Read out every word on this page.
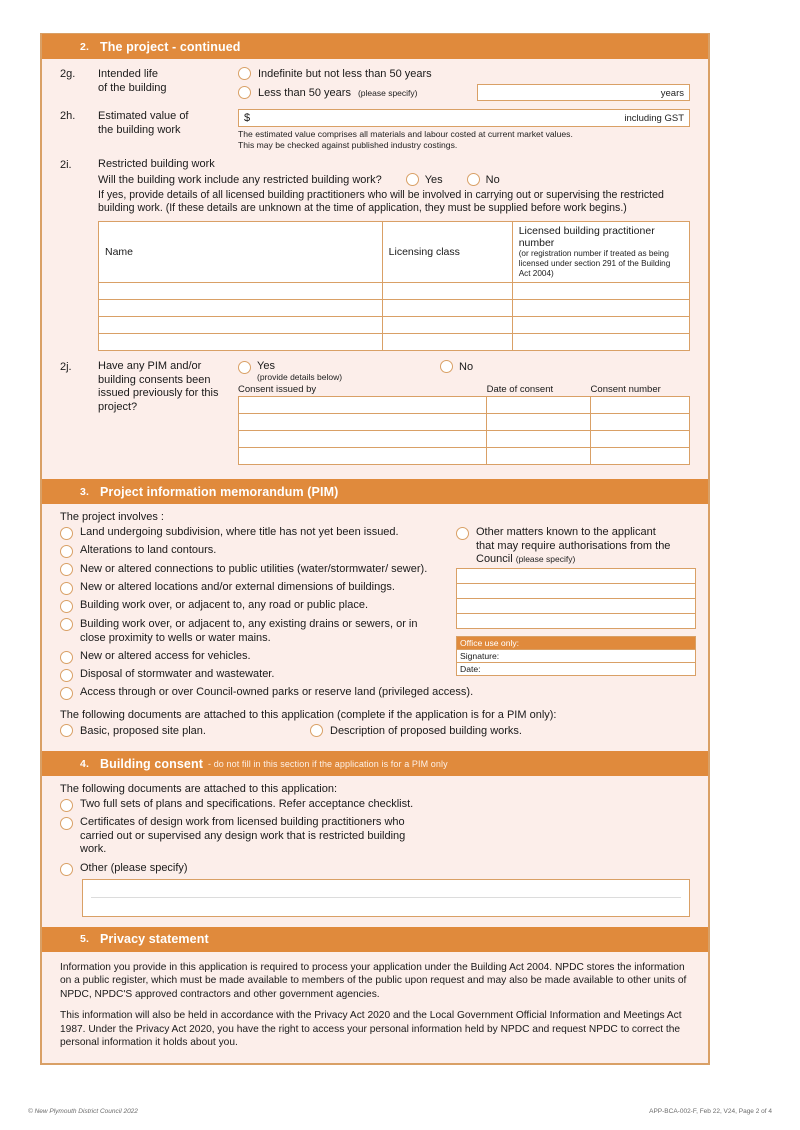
2. The project - continued
2g.	Intended life
of the building
Indefinite but not less than 50 years
Less than 50 years (please specify)	years
2h.	Estimated value of
the building work
$	including GST
The estimated value comprises all materials and labour costed at current market values.
This may be checked against published industry costings.
2i.	Restricted building work
Will the building work include any restricted building work?	Yes	No
If yes, provide details of all licensed building practitioners who will be involved in carrying out or supervising the restricted building work. (If these details are unknown at the time of application, they must be supplied before work begins.)
Name	Licensing class	Licensed building practitioner number
(or registration number if treated as being licensed under section 291 of the Building Act 2004)

2j.	Have any PIM and/or
building consents been
issued previously for this
project?
Yes
(provide details below)
No
Consent issued by	Date of consent	Consent number

3. Project information memorandum (PIM)
The project involves :
Land undergoing subdivision, where title has not yet been issued.
Alterations to land contours.
New or altered connections to public utilities (water/stormwater/ sewer).
New or altered locations and/or external dimensions of buildings.
Building work over, or adjacent to, any road or public place.
Building work over, or adjacent to, any existing drains or sewers, or in close proximity to wells or water mains.
New or altered access for vehicles.
Disposal of stormwater and wastewater.
Access through or over Council-owned parks or reserve land (privileged access).
Other matters known to the applicant
that may require authorisations from the
Council (please specify)
Office use only:
Signature:
Date:
The following documents are attached to this application (complete if the application is for a PIM only):
Basic, proposed site plan.	Description of proposed building works.
4. Building consent - do not fill in this section if the application is for a PIM only
The following documents are attached to this application:
Two full sets of plans and specifications. Refer acceptance checklist.
Certificates of design work from licensed building practitioners who carried out or supervised any design work that is restricted building work.
Other (please specify)
5. Privacy statement

Information you provide in this application is required to process your application under the Building Act 2004. NPDC stores the information on a public register, which must be made available to members of the public upon request and may also be made available to other units of NPDC, NPDC'S approved contractors and other government agencies.

This information will also be held in accordance with the Privacy Act 2020 and the Local Government Official Information and Meetings Act 1987. Under the Privacy Act 2020, you have the right to access your personal information held by NPDC and request NPDC to correct the personal information it holds about you.

© New Plymouth District Council 2022	APP-BCA-002-F, Feb 22, V24, Page 2 of 4
